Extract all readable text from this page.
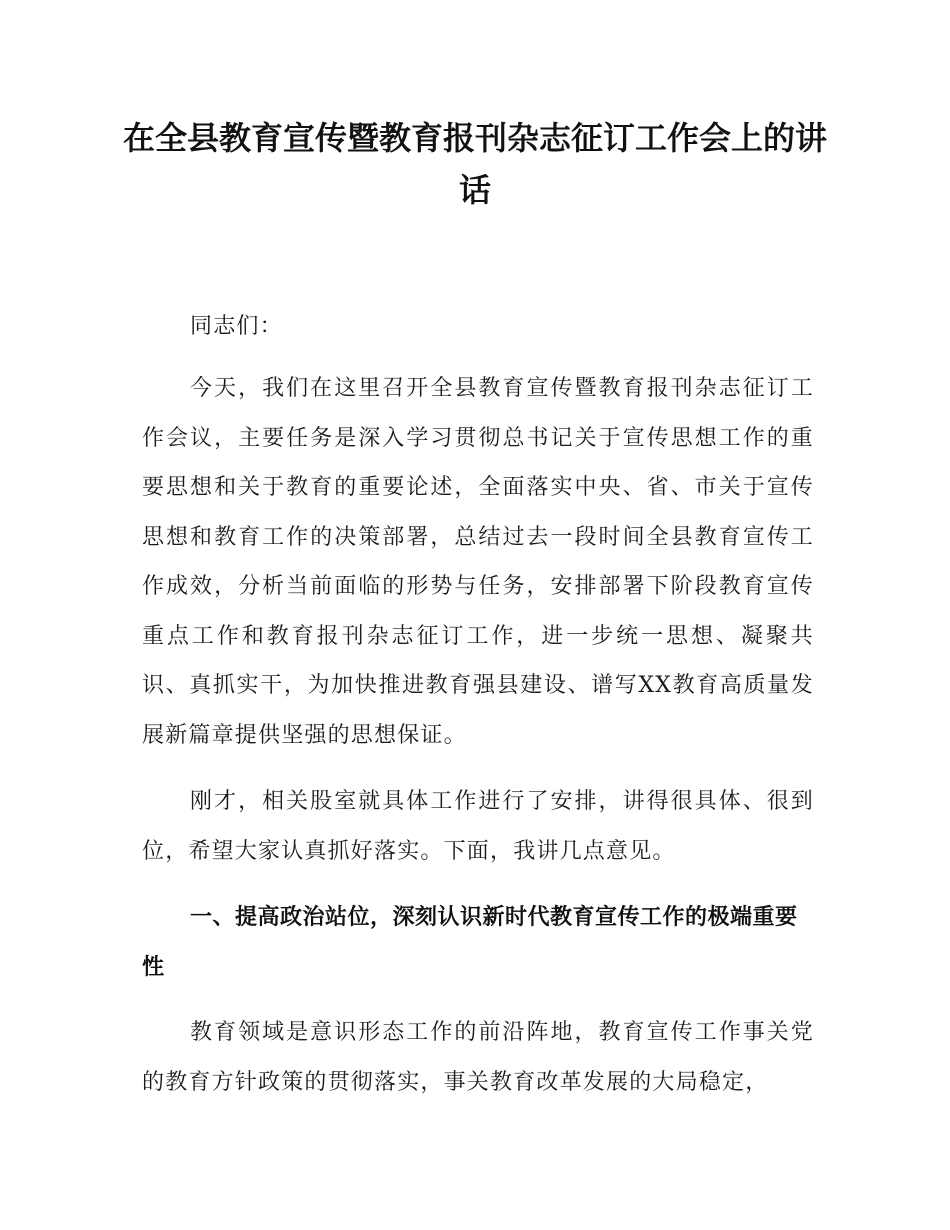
在全县教育宣传暨教育报刊杂志征订工作会上的讲话

同志们：

今天，我们在这里召开全县教育宣传暨教育报刊杂志征订工作会议，主要任务是深入学习贯彻总书记关于宣传思想工作的重要思想和关于教育的重要论述，全面落实中央、省、市关于宣传思想和教育工作的决策部署，总结过去一段时间全县教育宣传工作成效，分析当前面临的形势与任务，安排部署下阶段教育宣传重点工作和教育报刊杂志征订工作，进一步统一思想、凝聚共识、真抓实干，为加快推进教育强县建设、谱写XX教育高质量发展新篇章提供坚强的思想保证。

刚才，相关股室就具体工作进行了安排，讲得很具体、很到位，希望大家认真抓好落实。下面，我讲几点意见。

一、提高政治站位，深刻认识新时代教育宣传工作的极端重要性

教育领域是意识形态工作的前沿阵地，教育宣传工作事关党的教育方针政策的贯彻落实，事关教育改革发展的大局稳定，
